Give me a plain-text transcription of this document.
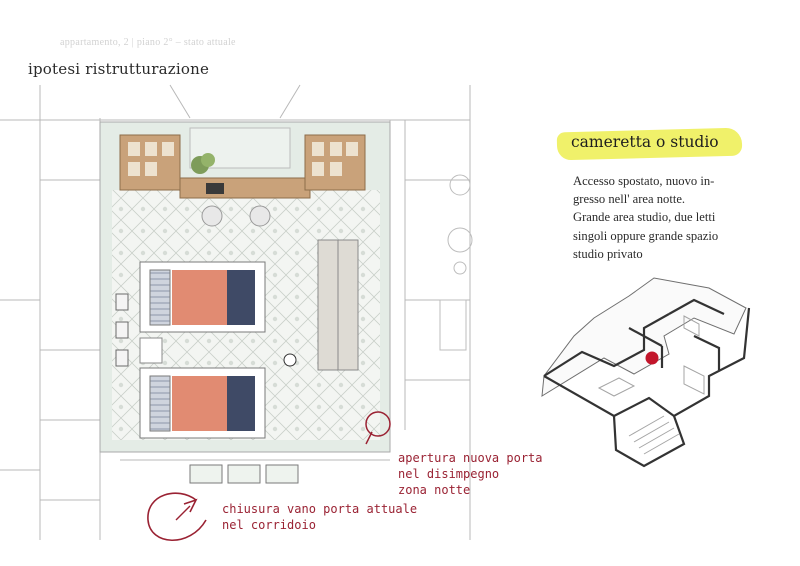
appartamento, 2 | piano 2° – stato attuale
ipotesi ristrutturazione
cameretta o studio
Accesso spostato, nuovo in-
gresso nell' area notte.
Grande area studio, due letti
singoli oppure grande spazio
studio privato
apertura nuova porta
nel disimpegno
zona notte
chiusura vano porta attuale
nel corridoio
